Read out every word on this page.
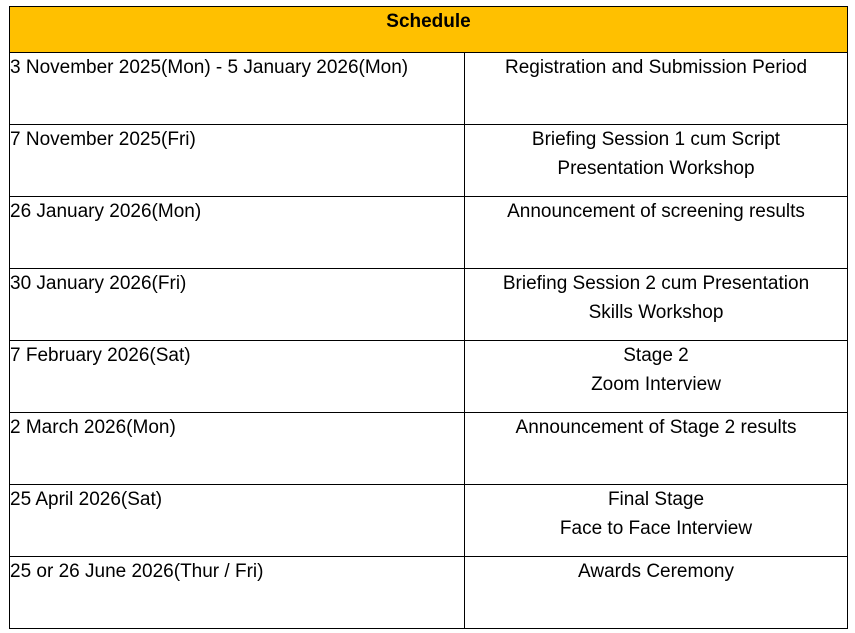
Schedule	
3 November 2025(Mon) - 5 January 2026(Mon)	Registration and Submission Period

7 November 2025(Fri)	Briefing Session 1 cum Script
Presentation Workshop

26 January 2026(Mon)	Announcement of screening results

30 January 2026(Fri)	Briefing Session 2 cum Presentation
Skills Workshop

7 February 2026(Sat)	Stage 2
Zoom Interview

2 March 2026(Mon)	Announcement of Stage 2 results

25 April 2026(Sat)	Final Stage
Face to Face Interview

25 or 26 June 2026(Thur / Fri)	Awards Ceremony
